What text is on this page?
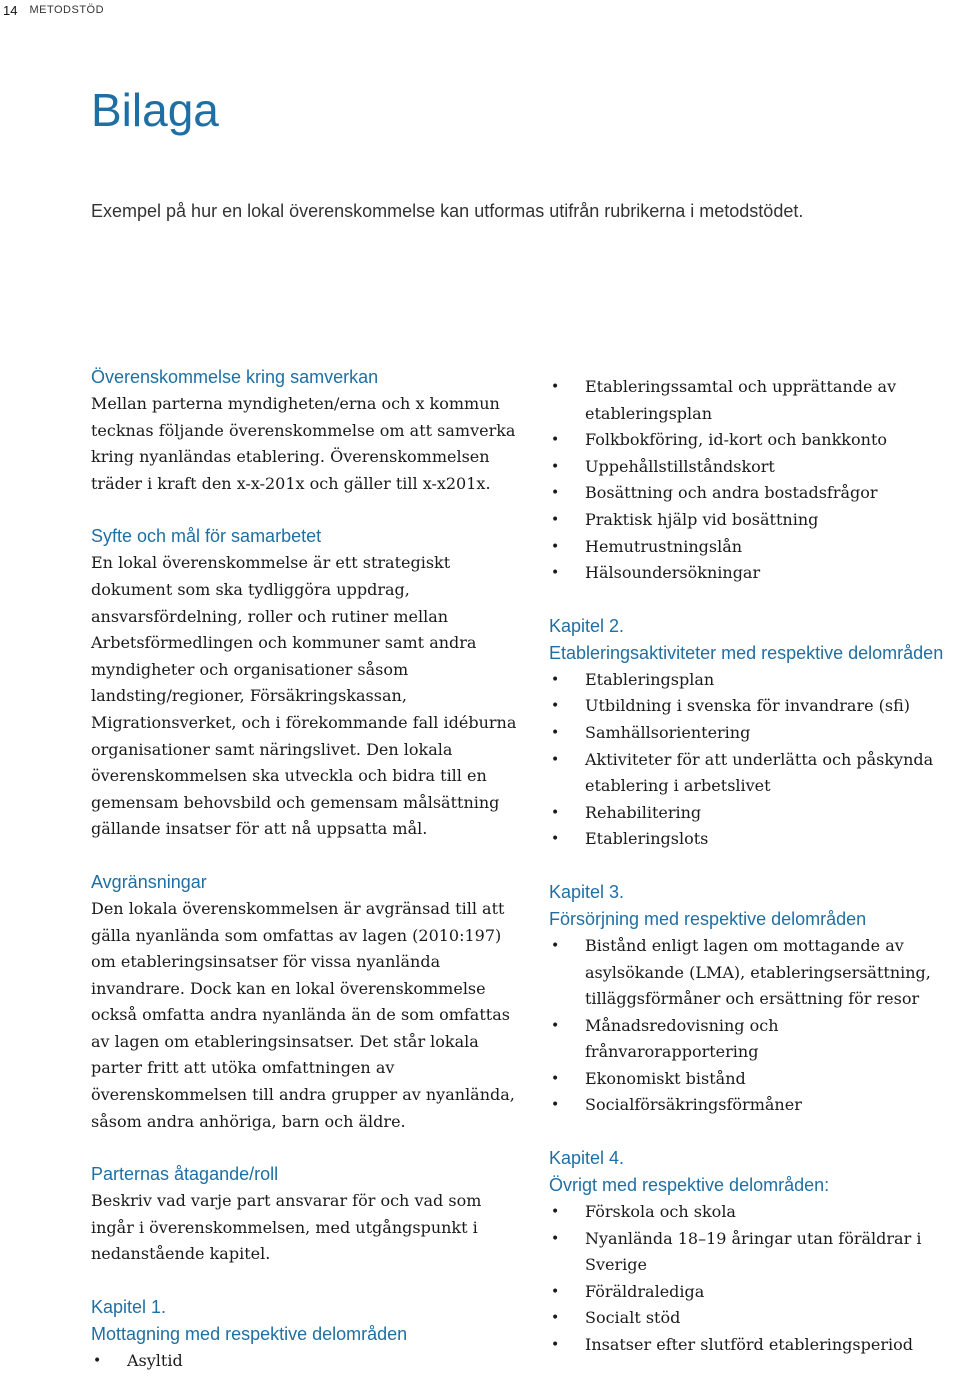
14 METODSTÖD
Bilaga

Exempel på hur en lokal överenskommelse kan utformas utifrån rubrikerna i metodstödet.

Överenskommelse kring samverkan

Mellan parterna myndigheten/erna och x kommun tecknas följande överenskommelse om att samverka kring nyanländas etablering. Överenskommelsen träder i kraft den x-x-201x och gäller till x-x201x.

Syfte och mål för samarbetet

En lokal överenskommelse är ett strategiskt dokument som ska tydliggöra uppdrag, ansvarsfördelning, roller och rutiner mellan Arbetsförmedlingen och kommuner samt andra myndigheter och organisationer såsom landsting/regioner, Försäkringskassan, Migrationsverket, och i förekommande fall idéburna organisationer samt näringslivet. Den lokala överenskommelsen ska utveckla och bidra till en gemensam behovsbild och gemensam målsättning gällande insatser för att nå uppsatta mål.

Avgränsningar

Den lokala överenskommelsen är avgränsad till att gälla nyanlända som omfattas av lagen (2010:197) om etableringsinsatser för vissa nyanlända invandrare. Dock kan en lokal överenskommelse också omfatta andra nyanlända än de som omfattas av lagen om etableringsinsatser. Det står lokala parter fritt att utöka omfattningen av överenskommelsen till andra grupper av nyanlända, såsom andra anhöriga, barn och äldre.

Parternas åtagande/roll

Beskriv vad varje part ansvarar för och vad som ingår i överenskommelsen, med utgångspunkt i nedanstående kapitel.

Kapitel 1.
Mottagning med respektive delområden
• Asyltid
• Etableringssamtal och upprättande av etableringsplan
• Folkbokföring, id-kort och bankkonto
• Uppehållstillståndskort
• Bosättning och andra bostadsfrågor
• Praktisk hjälp vid bosättning
• Hemutrustningslån
• Hälsoundersökningar
Kapitel 2.
Etableringsaktiviteter med respektive delområden
• Etableringsplan
• Utbildning i svenska för invandrare (sfi)
• Samhällsorientering
• Aktiviteter för att underlätta och påskynda etablering i arbetslivet
• Rehabilitering
• Etableringslots
Kapitel 3.
Försörjning med respektive delområden
• Bistånd enligt lagen om mottagande av asylsökande (LMA), etableringsersättning, tilläggsförmåner och ersättning för resor
• Månadsredovisning och frånvarorapportering
• Ekonomiskt bistånd
• Socialförsäkringsförmåner
Kapitel 4.
Övrigt med respektive delområden:
• Förskola och skola
• Nyanlända 18–19 åringar utan föräldrar i Sverige
• Föräldralediga
• Socialt stöd
• Insatser efter slutförd etableringsperiod
